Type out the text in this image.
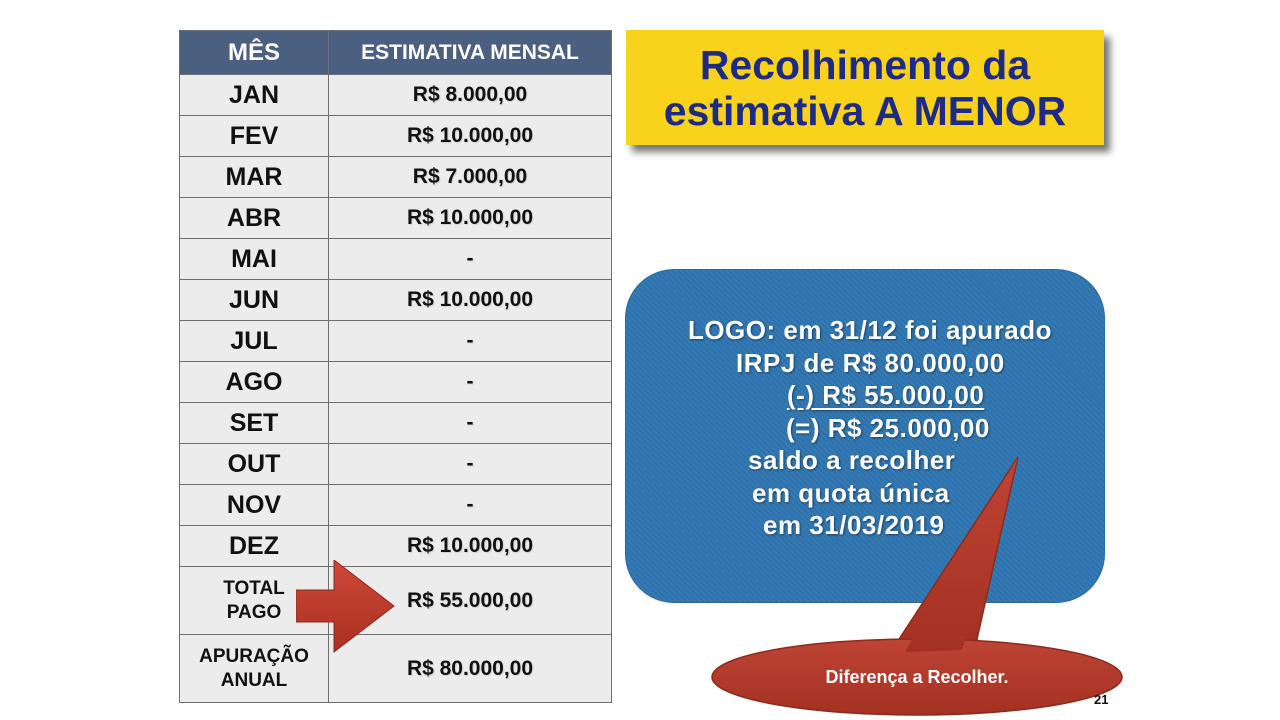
MÊS	ESTIMATIVA MENSAL
JAN	R$ 8.000,00
FEV	R$ 10.000,00
MAR	R$ 7.000,00
ABR	R$ 10.000,00
MAI	-
JUN	R$ 10.000,00
JUL	-
AGO	-
SET	-
OUT	-
NOV	-
DEZ	R$ 10.000,00

TOTAL
PAGO	R$ 55.000,00

APURAÇÃO
ANUAL	R$ 80.000,00
Recolhimento da
estimativa A MENOR
LOGO: em 31/12 foi apurado
IRPJ de R$ 80.000,00
(-) R$ 55.000,00
(=) R$ 25.000,00
saldo a recolher
em quota única
em 31/03/2019
Diferença a Recolher.
21
